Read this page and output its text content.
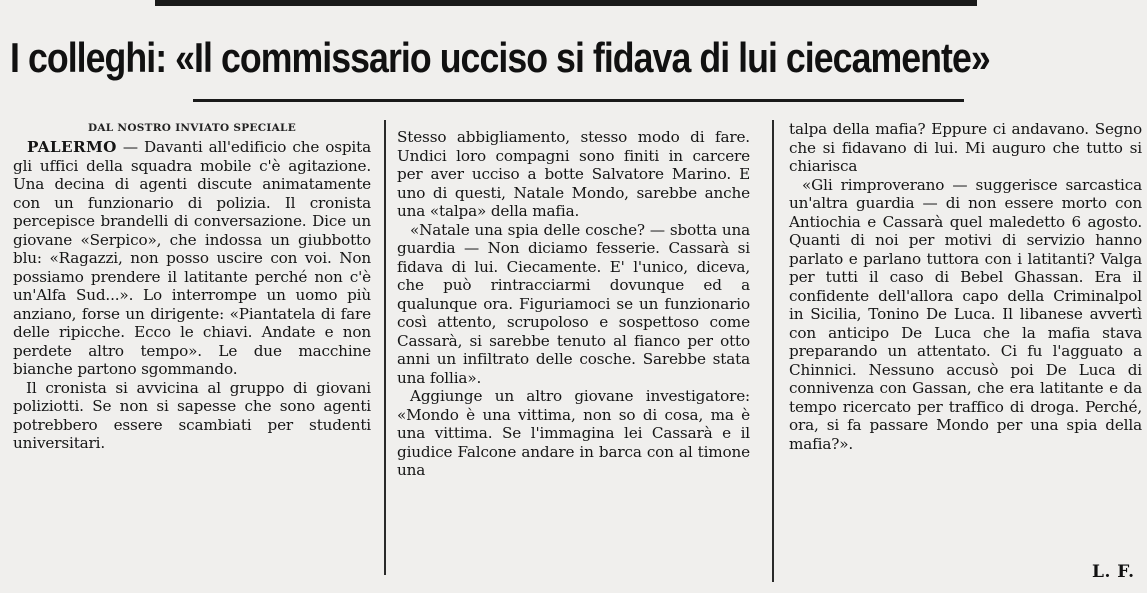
I colleghi: «Il commissario ucciso si fidava di lui ciecamente»
DAL NOSTRO INVIATO SPECIALE

PALERMO — Davanti all'edificio che ospita gli uffici della squadra mobile c'è agitazione. Una decina di agenti discute animatamente con un funzionario di polizia. Il cronista percepisce brandelli di conversazione. Dice un giovane «Serpico», che indossa un giubbotto blu: «Ragazzi, non posso uscire con voi. Non possiamo prendere il latitante perché non c'è un'Alfa Sud...». Lo interrompe un uomo più anziano, forse un dirigente: «Piantatela di fare delle ripicche. Ecco le chiavi. Andate e non perdete altro tempo». Le due macchine bianche partono sgommando.

Il cronista si avvicina al gruppo di giovani poliziotti. Se non si sapesse che sono agenti potrebbero essere scambiati per studenti universitari.

Stesso abbigliamento, stesso modo di fare. Undici loro compagni sono finiti in carcere per aver ucciso a botte Salvatore Marino. E uno di questi, Natale Mondo, sarebbe anche una «talpa» della mafia.

«Natale una spia delle cosche? — sbotta una guardia — Non diciamo fesserie. Cassarà si fidava di lui. Ciecamente. E' l'unico, diceva, che può rintracciarmi dovunque ed a qualunque ora. Figuriamoci se un funzionario così attento, scrupoloso e sospettoso come Cassarà, si sarebbe tenuto al fianco per otto anni un infiltrato delle cosche. Sarebbe stata una follia».

Aggiunge un altro giovane investigatore: «Mondo è una vittima, non so di cosa, ma è una vittima. Se l'immagina lei Cassarà e il giudice Falcone andare in barca con al timone una

talpa della mafia? Eppure ci andavano. Segno che si fidavano di lui. Mi auguro che tutto si chiarisca

«Gli rimproverano — suggerisce sarcastica un'altra guardia — di non essere morto con Antiochia e Cassarà quel maledetto 6 agosto. Quanti di noi per motivi di servizio hanno parlato e parlano tuttora con i latitanti? Valga per tutti il caso di Bebel Ghassan. Era il confidente dell'allora capo della Criminalpol in Sicilia, Tonino De Luca. Il libanese avvertì con anticipo De Luca che la mafia stava preparando un attentato. Ci fu l'agguato a Chinnici. Nessuno accusò poi De Luca di connivenza con Gassan, che era latitante e da tempo ricercato per traffico di droga. Perché, ora, si fa passare Mondo per una spia della mafia?».

L. F.
